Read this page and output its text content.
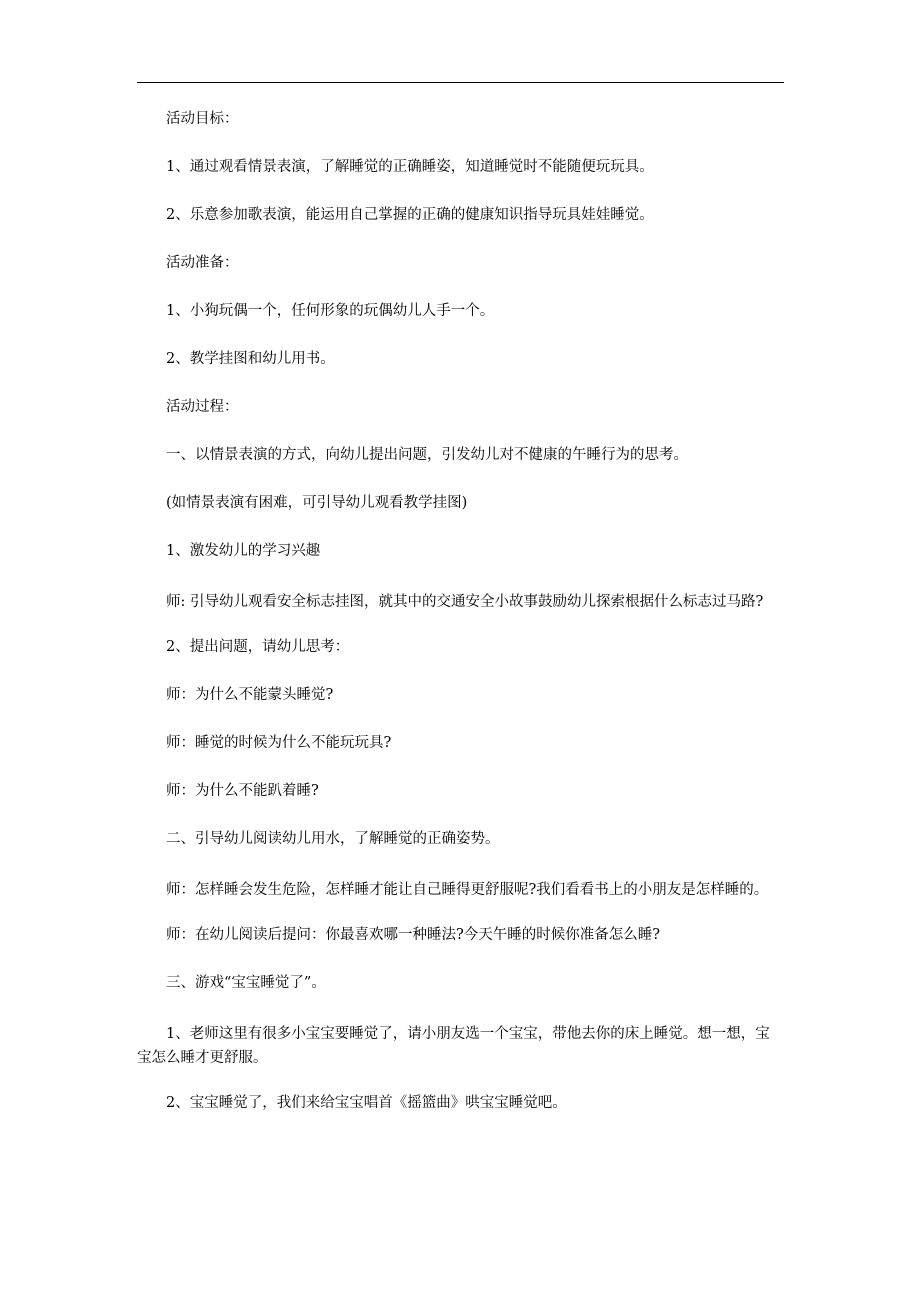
活动目标：

1、通过观看情景表演，了解睡觉的正确睡姿，知道睡觉时不能随便玩玩具。

2、乐意参加歌表演，能运用自己掌握的正确的健康知识指导玩具娃娃睡觉。

活动准备：

1、小狗玩偶一个，任何形象的玩偶幼儿人手一个。

2、教学挂图和幼儿用书。

活动过程：

一、以情景表演的方式，向幼儿提出问题，引发幼儿对不健康的午睡行为的思考。

(如情景表演有困难，可引导幼儿观看教学挂图)

1、激发幼儿的学习兴趣

师: 引导幼儿观看安全标志挂图，就其中的交通安全小故事鼓励幼儿探索根据什么标志过马路?

2、提出问题，请幼儿思考：

师：为什么不能蒙头睡觉?

师：睡觉的时候为什么不能玩玩具?

师：为什么不能趴着睡?

二、引导幼儿阅读幼儿用水，了解睡觉的正确姿势。

师：怎样睡会发生危险，怎样睡才能让自己睡得更舒服呢?我们看看书上的小朋友是怎样睡的。

师：在幼儿阅读后提问：你最喜欢哪一种睡法?今天午睡的时候你准备怎么睡?

三、游戏“宝宝睡觉了”。

1、老师这里有很多小宝宝要睡觉了，请小朋友选一个宝宝，带他去你的床上睡觉。想一想，宝宝怎么睡才更舒服。

2、宝宝睡觉了，我们来给宝宝唱首《摇篮曲》哄宝宝睡觉吧。
